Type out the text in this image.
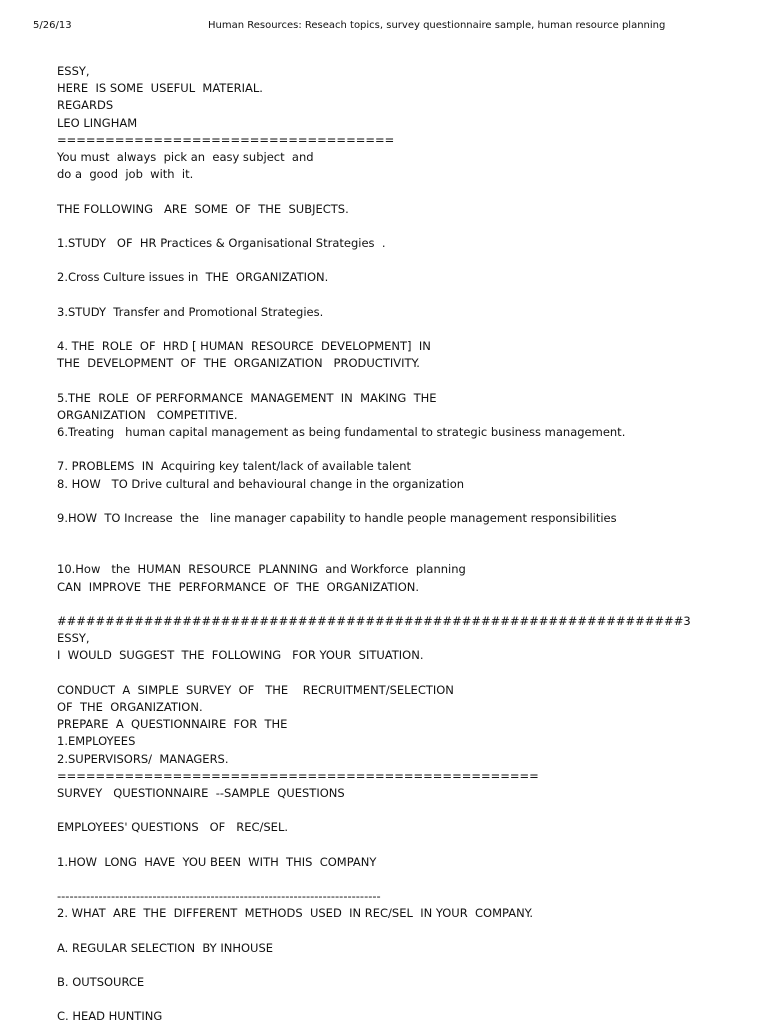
5/26/13	Human Resources: Reseach topics, survey questionnaire sample, human resource planning
ESSY,
HERE  IS SOME  USEFUL  MATERIAL.
REGARDS
LEO LINGHAM
===================================
You must  always  pick an  easy subject  and
do a  good  job  with  it.
THE FOLLOWING   ARE  SOME  OF  THE  SUBJECTS.
1.STUDY   OF  HR Practices & Organisational Strategies  .
2.Cross Culture issues in  THE  ORGANIZATION.
3.STUDY  Transfer and Promotional Strategies.
4. THE  ROLE  OF  HRD [ HUMAN  RESOURCE  DEVELOPMENT]  IN
THE  DEVELOPMENT  OF  THE  ORGANIZATION   PRODUCTIVITY.
5.THE  ROLE  OF PERFORMANCE  MANAGEMENT  IN  MAKING  THE
ORGANIZATION   COMPETITIVE.
6.Treating   human capital management as being fundamental to strategic business management.
7. PROBLEMS  IN  Acquiring key talent/lack of available talent
8. HOW   TO Drive cultural and behavioural change in the organization
9.HOW  TO Increase  the   line manager capability to handle people management responsibilities
10.How   the  HUMAN  RESOURCE  PLANNING  and Workforce  planning
CAN  IMPROVE  THE  PERFORMANCE  OF  THE  ORGANIZATION.
#################################################################3
ESSY,
I  WOULD  SUGGEST  THE  FOLLOWING   FOR YOUR  SITUATION.
CONDUCT  A  SIMPLE  SURVEY  OF   THE    RECRUITMENT/SELECTION
OF  THE  ORGANIZATION.
PREPARE  A  QUESTIONNAIRE  FOR  THE
1.EMPLOYEES
2.SUPERVISORS/  MANAGERS.
==================================================
SURVEY   QUESTIONNAIRE  --SAMPLE  QUESTIONS
EMPLOYEES' QUESTIONS   OF   REC/SEL.
1.HOW  LONG  HAVE  YOU BEEN  WITH  THIS  COMPANY
------------------------------------------------------------------------------
2. WHAT  ARE  THE  DIFFERENT  METHODS  USED  IN REC/SEL  IN YOUR  COMPANY.
A. REGULAR SELECTION  BY INHOUSE
B. OUTSOURCE
C. HEAD HUNTING
